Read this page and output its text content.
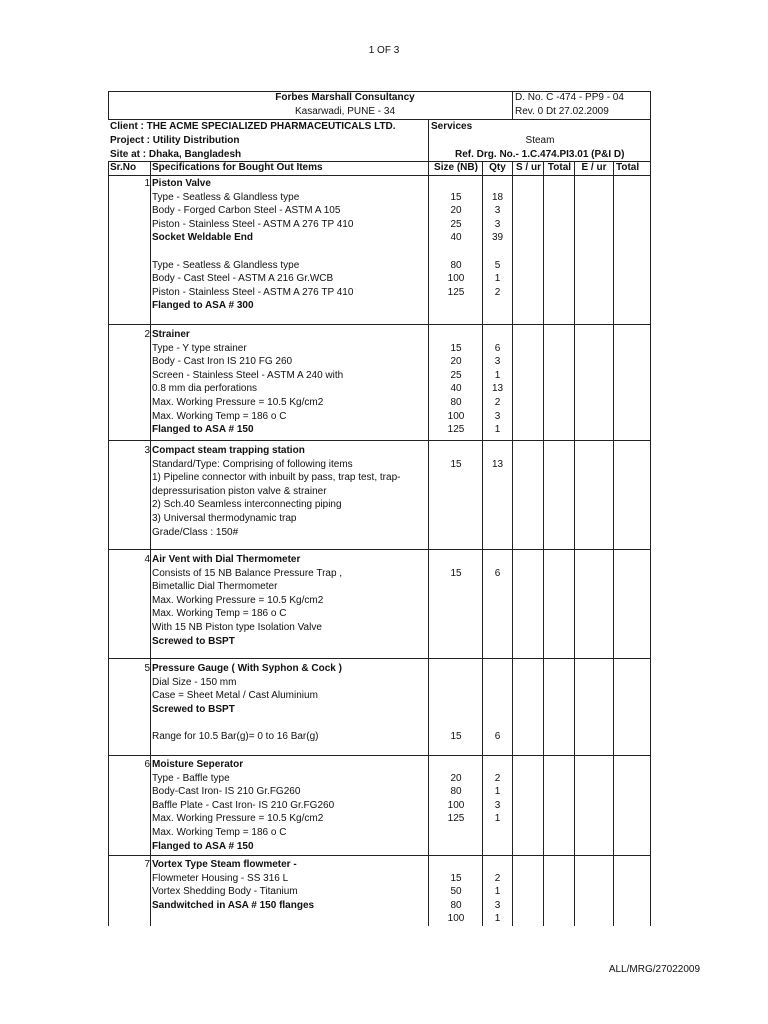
1 OF 3
Forbes Marshall Consultancy
Kasarwadi, PUNE - 34
D. No. C -474 - PP9 - 04
Rev. 0 Dt 27.02.2009
Client : THE ACME SPECIALIZED PHARMACEUTICALS LTD.
Project : Utility Distribution
Site at : Dhaka, Bangladesh
Services
Steam
Ref. Drg. No.- 1.C.474.PI3.01 (P&I D)
Sr.No Specifications for Bought Out Items	Size (NB)	Qty	S / ur Total	E / ur Total
1 Piston Valve
Type - Seatless & Glandless type	15	18
Body - Forged Carbon Steel - ASTM A 105	20	3
Piston - Stainless Steel - ASTM A 276 TP 410	25	3
Socket Weldable End	40	39
Type - Seatless & Glandless type	80	5
Body - Cast Steel - ASTM A 216 Gr.WCB	100	1
Piston - Stainless Steel - ASTM A 276 TP 410	125	2
Flanged to ASA # 300
2 Strainer
Type - Y type strainer	15	6
Body - Cast Iron IS 210 FG 260	20	3
Screen - Stainless Steel - ASTM A 240 with	25	1
0.8 mm dia perforations	40	13
Max. Working Pressure = 10.5 Kg/cm2	80	2
Max. Working Temp = 186 o C	100	3
Flanged to ASA # 150	125	1
3 Compact steam trapping station
Standard/Type: Comprising of following items	15	13
1) Pipeline connector with inbuilt by pass, trap test, trap-
depressurisation piston valve & strainer
2) Sch.40 Seamless interconnecting piping
3) Universal thermodynamic trap
Grade/Class : 150#
4 Air Vent with Dial Thermometer
Consists of 15 NB Balance Pressure Trap ,	15	6
Bimetallic Dial Thermometer
Max. Working Pressure = 10.5 Kg/cm2
Max. Working Temp = 186 o C
With 15 NB Piston type Isolation Valve
Screwed to BSPT
5 Pressure Gauge ( With Syphon & Cock )
Dial Size - 150 mm
Case = Sheet Metal / Cast Aluminium
Screwed to BSPT
Range for 10.5 Bar(g)= 0 to 16 Bar(g)	15	6
6 Moisture Seperator
Type - Baffle type	20	2
Body-Cast Iron- IS 210 Gr.FG260	80	1
Baffle Plate - Cast Iron- IS 210 Gr.FG260	100	3
Max. Working Pressure = 10.5 Kg/cm2	125	1
Max. Working Temp = 186 o C
Flanged to ASA # 150
7 Vortex Type Steam flowmeter -
Flowmeter Housing - SS 316 L	15	2
Vortex Shedding Body - Titanium	50	1
Sandwitched in ASA # 150 flanges	80	3
100	1
ALL/MRG/27022009
